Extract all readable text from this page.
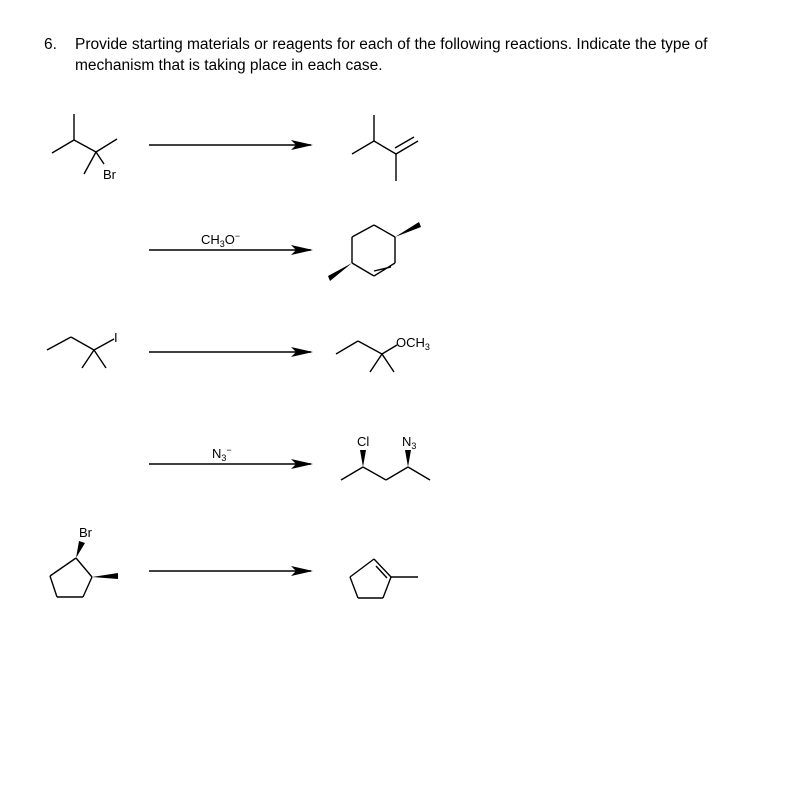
6. Provide starting materials or reagents for each of the following reactions. Indicate the type of mechanism that is taking place in each case.
Br
$CH_3O^-$
I	$OCH_3$
$N_3^-$
Cl	$N_3$
Br
